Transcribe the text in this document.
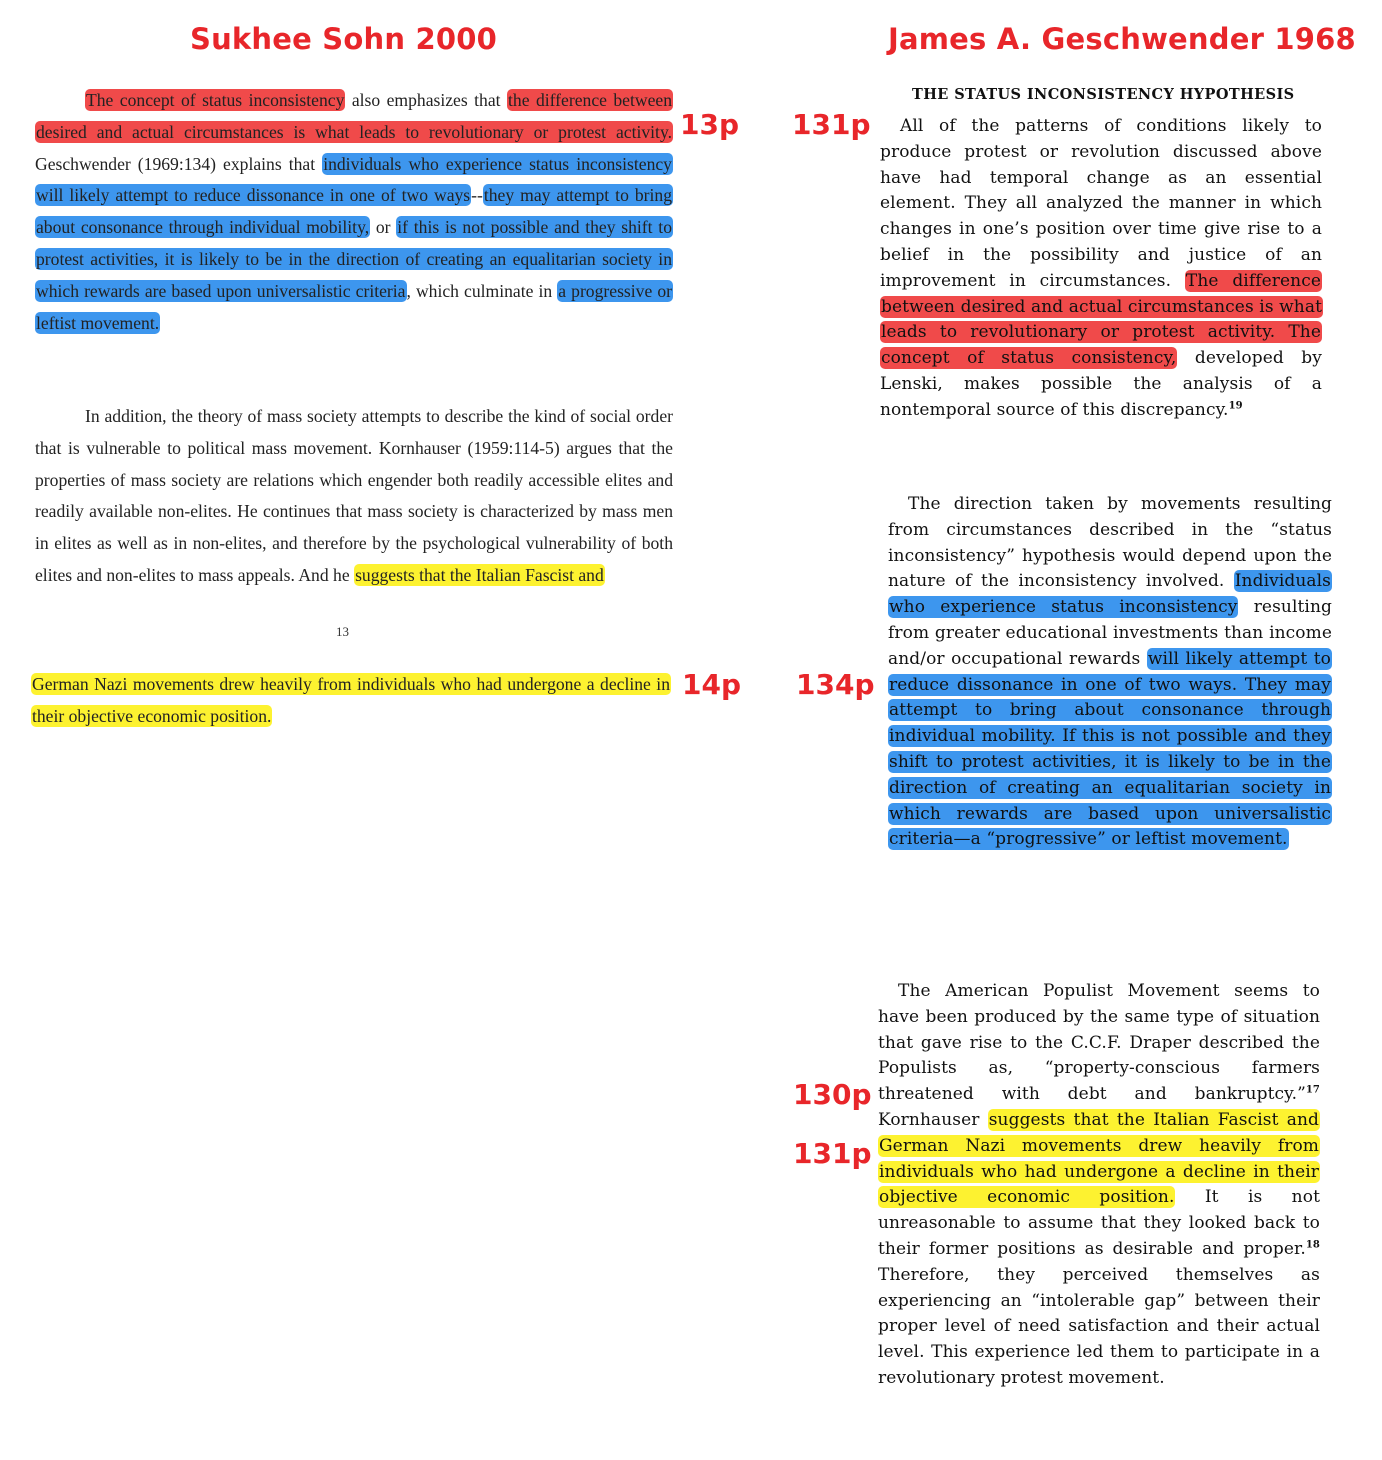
Sukhee Sohn 2000	James A. Geschwender 1968
13p 131p
14p 134p
130p
131p
The concept of status inconsistency also emphasizes that the difference between desired and actual circumstances is what leads to revolutionary or protest activity. Geschwender (1969:134) explains that individuals who experience status inconsistency will likely attempt to reduce dissonance in one of two ways--they may attempt to bring about consonance through individual mobility, or if this is not possible and they shift to protest activities, it is likely to be in the direction of creating an equalitarian society in which rewards are based upon universalistic criteria, which culminate in a progressive or leftist movement.
In addition, the theory of mass society attempts to describe the kind of social order that is vulnerable to political mass movement. Kornhauser (1959:114-5) argues that the properties of mass society are relations which engender both readily accessible elites and readily available non-elites. He continues that mass society is characterized by mass men in elites as well as in non-elites, and therefore by the psychological vulnerability of both elites and non-elites to mass appeals. And he suggests that the Italian Fascist and
13
German Nazi movements drew heavily from individuals who had undergone a decline in their objective economic position.
THE STATUS INCONSISTENCY HYPOTHESIS
All of the patterns of conditions likely to produce protest or revolution discussed above have had temporal change as an essential element. They all analyzed the manner in which changes in one’s position over time give rise to a belief in the possibility and justice of an improvement in circumstances. The difference between desired and actual circumstances is what leads to revolutionary or protest activity. The concept of status consistency, developed by Lenski, makes possible the analysis of a nontemporal source of this discrepancy.$^{19}$
The direction taken by movements resulting from circumstances described in the “status inconsistency” hypothesis would depend upon the nature of the inconsistency involved. Individuals who experience status inconsistency resulting from greater educational investments than income and/or occupational rewards will likely attempt to reduce dissonance in one of two ways. They may attempt to bring about consonance through individual mobility. If this is not possible and they shift to protest activities, it is likely to be in the direction of creating an equalitarian society in which rewards are based upon universalistic criteria—a “progressive” or leftist movement.
The American Populist Movement seems to have been produced by the same type of situation that gave rise to the C.C.F. Draper described the Populists as, “property-conscious farmers threatened with debt and bankruptcy.”$^{17}$ Kornhauser suggests that the Italian Fascist and German Nazi movements drew heavily from individuals who had undergone a decline in their objective economic position. It is not unreasonable to assume that they looked back to their former positions as desirable and proper.$^{18}$ Therefore, they perceived themselves as experiencing an “intolerable gap” between their proper level of need satisfaction and their actual level. This experience led them to participate in a revolutionary protest movement.
